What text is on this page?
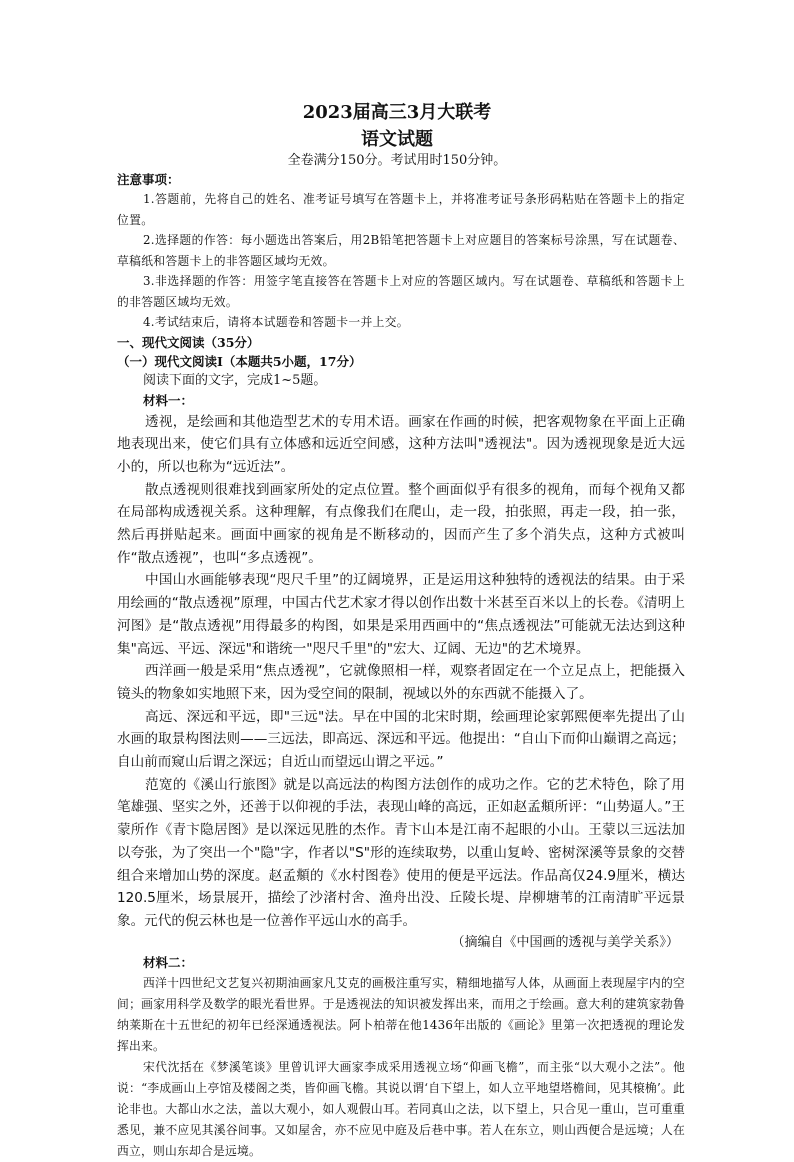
2023届高三3月大联考
语文试题
全卷满分150分。考试用时150分钟。
注意事项：

1.答题前，先将自己的姓名、准考证号填写在答题卡上，并将准考证号条形码粘贴在答题卡上的指定位置。

2.选择题的作答：每小题选出答案后，用2B铅笔把答题卡上对应题目的答案标号涂黑，写在试题卷、草稿纸和答题卡上的非答题区域均无效。

3.非选择题的作答：用签字笔直接答在答题卡上对应的答题区域内。写在试题卷、草稿纸和答题卡上的非答题区域均无效。

4.考试结束后，请将本试题卷和答题卡一并上交。

一、现代文阅读（35分）
（一）现代文阅读Ⅰ（本题共5小题，17分）
阅读下面的文字，完成1~5题。
材料一：

透视，是绘画和其他造型艺术的专用术语。画家在作画的时候，把客观物象在平面上正确地表现出来，使它们具有立体感和远近空间感，这种方法叫"透视法"。因为透视现象是近大远小的，所以也称为“远近法”。

散点透视则很难找到画家所处的定点位置。整个画面似乎有很多的视角，而每个视角又都在局部构成透视关系。这种理解，有点像我们在爬山，走一段，拍张照，再走一段，拍一张，然后再拼贴起来。画面中画家的视角是不断移动的，因而产生了多个消失点，这种方式被叫作“散点透视”，也叫“多点透视”。

中国山水画能够表现“咫尺千里”的辽阔境界，正是运用这种独特的透视法的结果。由于采用绘画的“散点透视”原理，中国古代艺术家才得以创作出数十米甚至百米以上的长卷。《清明上河图》是“散点透视”用得最多的构图，如果是采用西画中的“焦点透视法”可能就无法达到这种集"高远、平远、深远"和谐统一"咫尺千里"的"宏大、辽阔、无边"的艺术境界。

西洋画一般是采用“焦点透视”，它就像照相一样，观察者固定在一个立足点上，把能摄入镜头的物象如实地照下来，因为受空间的限制，视域以外的东西就不能摄入了。

高远、深远和平远，即"三远"法。早在中国的北宋时期，绘画理论家郭熙便率先提出了山水画的取景构图法则——三远法，即高远、深远和平远。他提出：“自山下而仰山巅谓之高远；自山前而窥山后谓之深远；自近山而望远山谓之平远。”

范宽的《溪山行旅图》就是以高远法的构图方法创作的成功之作。它的艺术特色，除了用笔雄强、坚实之外，还善于以仰视的手法，表现山峰的高远，正如赵孟頫所评：“山势逼人。”王蒙所作《青卞隐居图》是以深远见胜的杰作。青卞山本是江南不起眼的小山。王蒙以三远法加以夸张，为了突出一个"隐"字，作者以"S"形的连续取势，以重山复岭、密树深溪等景象的交替组合来增加山势的深度。赵孟頫的《水村图卷》使用的便是平远法。作品高仅24.9厘米，横达120.5厘米，场景展开，描绘了沙渚村舍、渔舟出没、丘陵长堤、岸柳塘苇的江南清旷平远景象。元代的倪云林也是一位善作平远山水的高手。

（摘编自《中国画的透视与美学关系》）
材料二：

西洋十四世纪文艺复兴初期油画家凡艾克的画极注重写实，精细地描写人体，从画面上表现屋宇内的空间；画家用科学及数学的眼光看世界。于是透视法的知识被发挥出来，而用之于绘画。意大利的建筑家勃鲁纳莱斯在十五世纪的初年已经深通透视法。阿卜柏蒂在他1436年出版的《画论》里第一次把透视的理论发挥出来。

宋代沈括在《梦溪笔谈》里曾讥评大画家李成采用透视立场“仰画飞檐”，而主张“以大观小之法”。他说：“李成画山上亭馆及楼阁之类，皆仰画飞檐。其说以谓‘自下望上，如人立平地望塔檐间，见其榱桷’。此论非也。大都山水之法，盖以大观小，如人观假山耳。若同真山之法，以下望上，只合见一重山，岂可重重悉见，兼不应见其溪谷间事。又如屋舍，亦不应见中庭及后巷中事。若人在东立，则山西便合是远境；人在西立，则山东却合是远境。
